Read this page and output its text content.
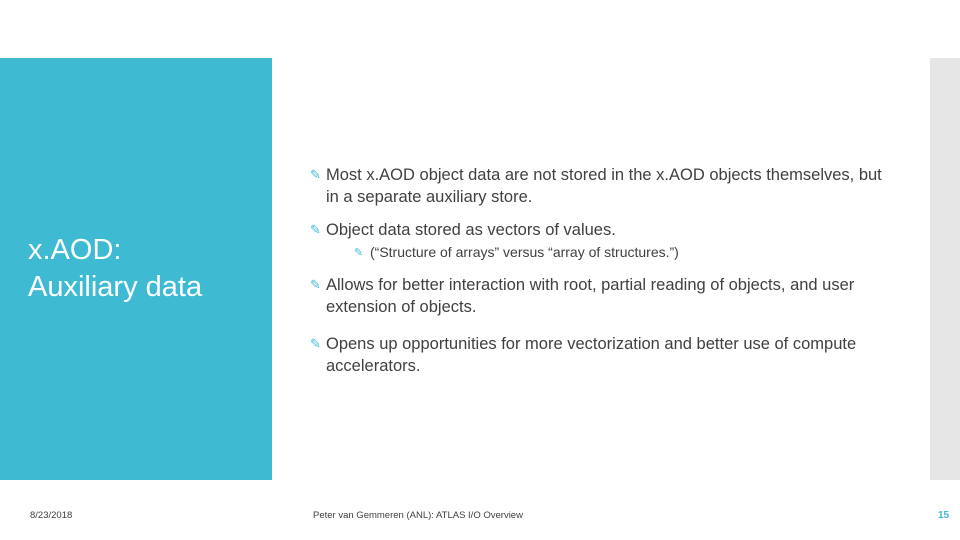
x.AOD:
Auxiliary data
✎ Most x.AOD object data are not stored in the x.AOD objects themselves, but in a separate auxiliary store.
✎ Object data stored as vectors of values.
✎ (“Structure of arrays” versus “array of structures.”)
✎ Allows for better interaction with root, partial reading of objects, and user extension of objects.
✎ Opens up opportunities for more vectorization and better use of compute accelerators.
8/23/2018	Peter van Gemmeren (ANL): ATLAS I/O Overview	15
